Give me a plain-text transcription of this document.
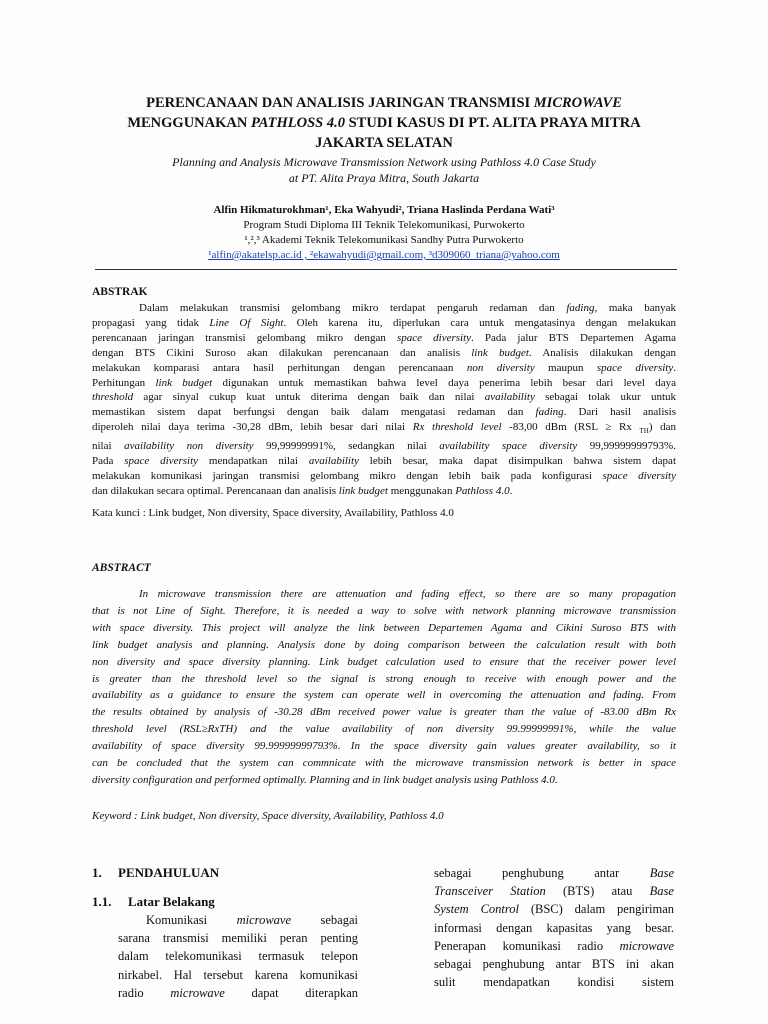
PERENCANAAN DAN ANALISIS JARINGAN TRANSMISI MICROWAVE
MENGGUNAKAN PATHLOSS 4.0 STUDI KASUS DI PT. ALITA PRAYA MITRA
JAKARTA SELATAN
Planning and Analysis Microwave Transmission Network using Pathloss 4.0 Case Study
at PT. Alita Praya Mitra, South Jakarta
Alfin Hikmaturokhman¹, Eka Wahyudi², Triana Haslinda Perdana Wati³
Program Studi Diploma III Teknik Telekomunikasi, Purwokerto
¹,²,³ Akademi Teknik Telekomunikasi Sandhy Putra Purwokerto
¹alfin@akatelsp.ac.id , ²ekawahyudi@gmail.com, ³d309060_triana@yahoo.com
ABSTRAK
Dalam melakukan transmisi gelombang mikro terdapat pengaruh redaman dan fading, maka banyak
propagasi yang tidak Line Of Sight. Oleh karena itu, diperlukan cara untuk mengatasinya dengan melakukan
perencanaan jaringan transmisi gelombang mikro dengan space diversity. Pada jalur BTS Departemen Agama
dengan BTS Cikini Suroso akan dilakukan perencanaan dan analisis link budget. Analisis dilakukan dengan
melakukan komparasi antara hasil perhitungan dengan perencanaan non diversity maupun space diversity.
Perhitungan link budget digunakan untuk memastikan bahwa level daya penerima lebih besar dari level daya
threshold agar sinyal cukup kuat untuk diterima dengan baik dan nilai availability sebagai tolak ukur untuk
memastikan sistem dapat berfungsi dengan baik dalam mengatasi redaman dan fading. Dari hasil analisis
diperoleh nilai daya terima -30,28 dBm, lebih besar dari nilai Rx threshold level -83,00 dBm (RSL ≥ Rx $_{TH}$) dan
nilai availability non diversity 99,99999991%, sedangkan nilai availability space diversity 99,99999999793%.
Pada space diversity mendapatkan nilai availability lebih besar, maka dapat disimpulkan bahwa sistem dapat
melakukan komunikasi jaringan transmisi gelombang mikro dengan lebih baik pada konfigurasi space diversity
dan dilakukan secara optimal. Perencanaan dan analisis link budget menggunakan Pathloss 4.0.
Kata kunci : Link budget, Non diversity, Space diversity, Availability, Pathloss 4.0
ABSTRACT
In microwave transmission there are attenuation and fading effect, so there are so many propagation
that is not Line of Sight. Therefore, it is needed a way to solve with network planning microwave transmission
with space diversity. This project will analyze the link between Departemen Agama and Cikini Suroso BTS with
link budget analysis and planning. Analysis done by doing comparison between the calculation result with both
non diversity and space diversity planning. Link budget calculation used to ensure that the receiver power level
is greater than the threshold level so the signal is strong enough to receive with enough power and the
availability as a guidance to ensure the system can operate well in overcoming the attenuation and fading. From
the results obtained by analysis of -30.28 dBm received power value is greater than the value of -83.00 dBm Rx
threshold level (RSL≥RxTH) and the value availability of non diversity 99.99999991%, while the value
availability of space diversity 99.99999999793%. In the space diversity gain values greater availability, so it
can be concluded that the system can commnicate with the microwave transmission network is better in space
diversity configuration and performed optimally. Planning and in link budget analysis using Pathloss 4.0.
Keyword : Link budget, Non diversity, Space diversity, Availability, Pathloss 4.0
1. PENDAHULUAN
1.1. Latar Belakang
Komunikasi microwave sebagai
sarana transmisi memiliki peran penting
dalam telekomunikasi termasuk telepon
nirkabel. Hal tersebut karena komunikasi
radio microwave dapat diterapkan
sebagai penghubung antar Base
Transceiver Station (BTS) atau Base
System Control (BSC) dalam pengiriman
informasi dengan kapasitas yang besar.
Penerapan komunikasi radio microwave
sebagai penghubung antar BTS ini akan
sulit mendapatkan kondisi sistem
